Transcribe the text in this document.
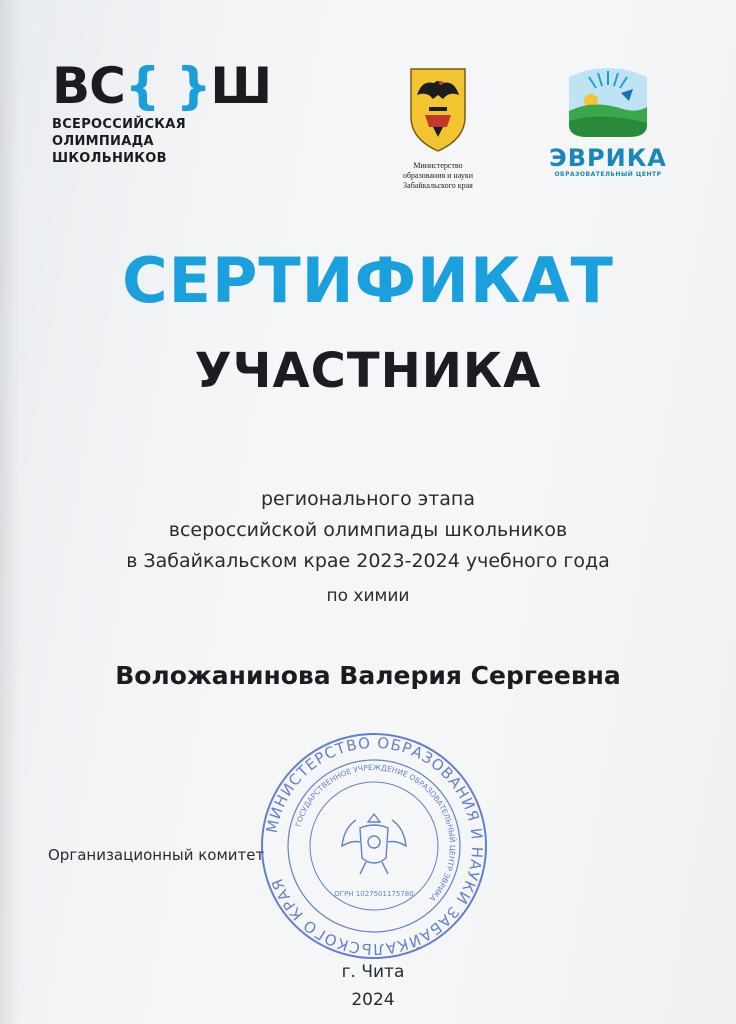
ВС{ }Ш
ВСЕРОССИЙСКАЯ
ОЛИМПИАДА
ШКОЛЬНИКОВ	Министерство
образования и науки
Забайкальского края
ЭВРИКА
ОБРАЗОВАТЕЛЬНЫЙ ЦЕНТР
СЕРТИФИКАТ
УЧАСТНИКА
регионального этапа
всероссийской олимпиады школьников
в Забайкальском крае 2023-2024 учебного года
по химии
Воложанинова Валерия Сергеевна
Организационный комитет
МИНИСТЕРСТВО ОБРАЗОВАНИЯ И НАУКИ ЗАБАЙКАЛЬСКОГО КРАЯ
ГОСУДАРСТВЕННОЕ УЧРЕЖДЕНИЕ ОБРАЗОВАТЕЛЬНЫЙ ЦЕНТР ЭВРИКА
ОГРН 1027501175780
г. Чита
2024
